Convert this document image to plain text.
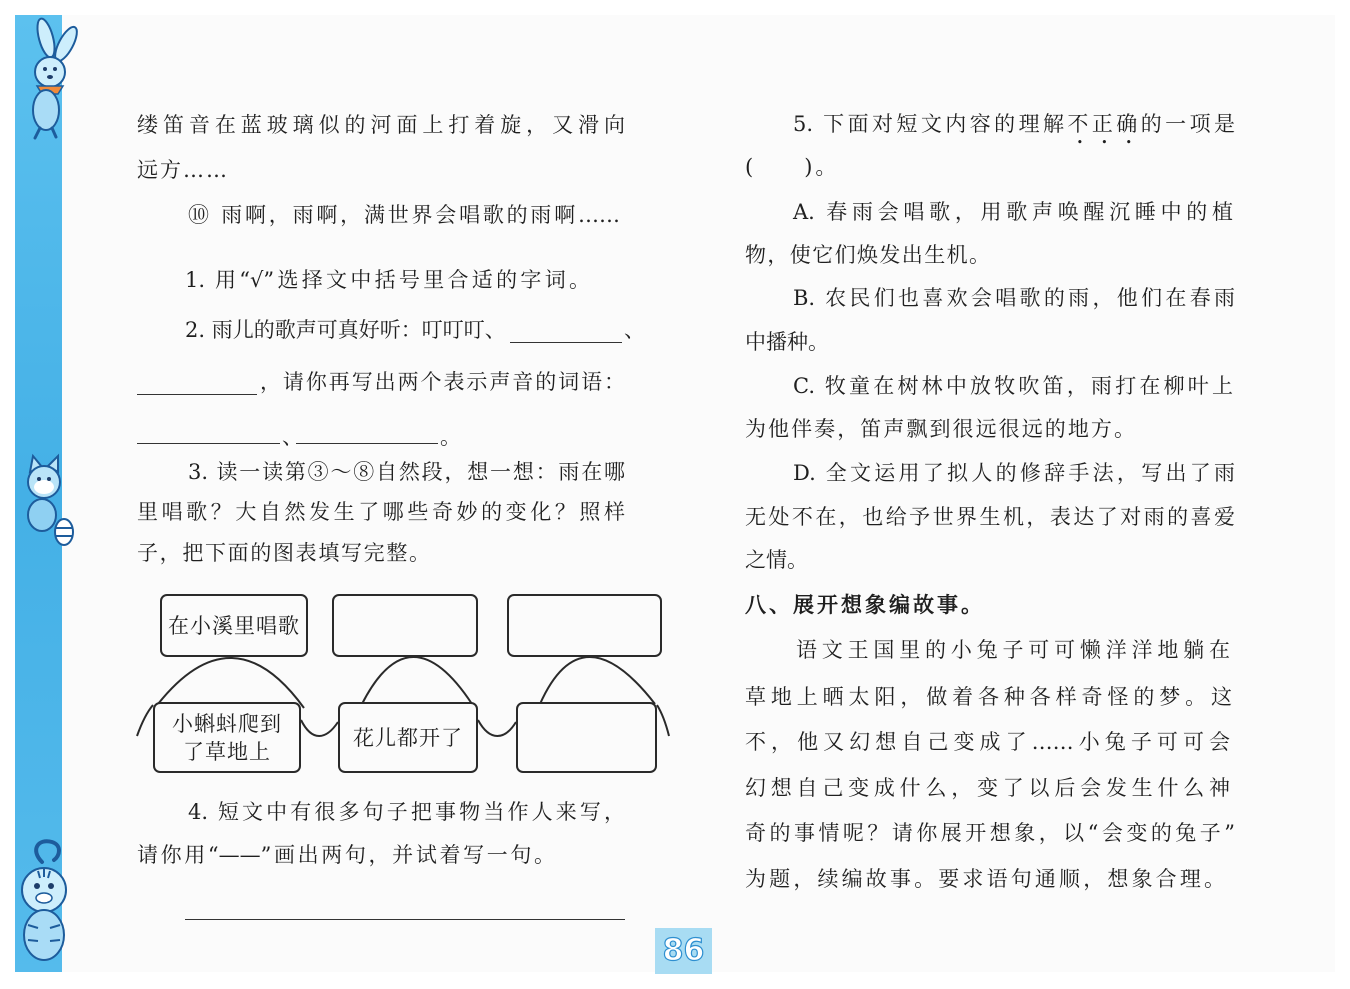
缕笛音在蓝玻璃似的河面上打着旋，又滑向
远方……
⑩ 雨啊，雨啊，满世界会唱歌的雨啊……
1. 用“√”选择文中括号里合适的字词。
2. 雨儿的歌声可真好听：叮叮叮、	、
，请你再写出两个表示声音的词语：
、	。
3. 读一读第③～⑧自然段，想一想：雨在哪
里唱歌？大自然发生了哪些奇妙的变化？照样
子，把下面的图表填写完整。
在小溪里唱歌
小蝌蚪爬到
了草地上
花儿都开了
4. 短文中有很多句子把事物当作人来写，
请你用“——”画出两句，并试着写一句。
5. 下面对短文内容的理解不正确的一项是
(　　)。
A. 春雨会唱歌，用歌声唤醒沉睡中的植
物，使它们焕发出生机。
B. 农民们也喜欢会唱歌的雨，他们在春雨
中播种。
C. 牧童在树林中放牧吹笛，雨打在柳叶上
为他伴奏，笛声飘到很远很远的地方。
D. 全文运用了拟人的修辞手法，写出了雨
无处不在，也给予世界生机，表达了对雨的喜爱
之情。
八、展开想象编故事。
语文王国里的小兔子可可懒洋洋地躺在
草地上晒太阳，做着各种各样奇怪的梦。这
不，他又幻想自己变成了……小兔子可可会
幻想自己变成什么，变了以后会发生什么神
奇的事情呢？请你展开想象，以“会变的兔子”
为题，续编故事。要求语句通顺，想象合理。
86
